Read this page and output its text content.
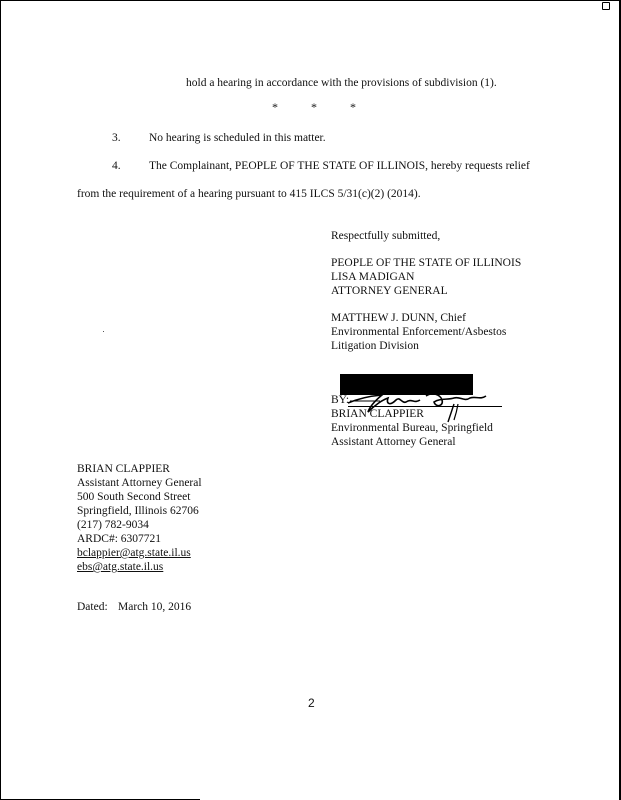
hold a hearing in accordance with the provisions of subdivision (1).
*	*	*
3. No hearing is scheduled in this matter.
4. The Complainant, PEOPLE OF THE STATE OF ILLINOIS, hereby requests relief
from the requirement of a hearing pursuant to 415 ILCS 5/31(c)(2) (2014).
Respectfully submitted,
PEOPLE OF THE STATE OF ILLINOIS
LISA MADIGAN
ATTORNEY GENERAL
MATTHEW J. DUNN, Chief
Environmental Enforcement/Asbestos
Litigation Division
BY:
BRIAN CLAPPIER
Environmental Bureau, Springfield
Assistant Attorney General
BRIAN CLAPPIER
Assistant Attorney General
500 South Second Street
Springfield, Illinois 62706
(217) 782-9034
ARDC#: 6307721
bclappier@atg.state.il.us
ebs@atg.state.il.us
Dated: March 10, 2016
2
